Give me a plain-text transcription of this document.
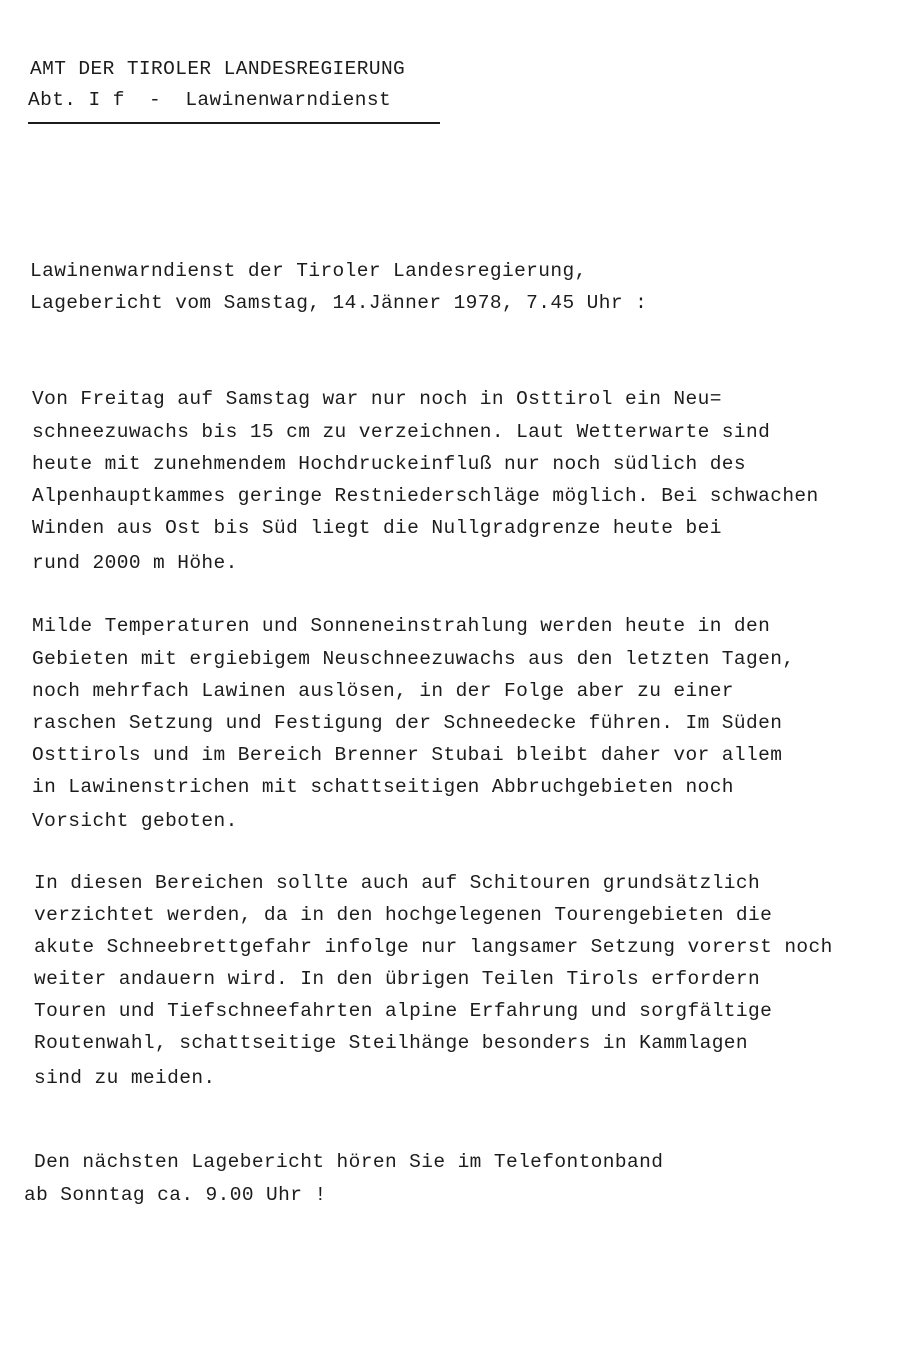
AMT DER TIROLER LANDESREGIERUNG
Abt. I f  -  Lawinenwarndienst
Lawinenwarndienst der Tiroler Landesregierung,
Lagebericht vom Samstag, 14.Jänner 1978, 7.45 Uhr :
Von Freitag auf Samstag war nur noch in Osttirol ein Neu=
schneezuwachs bis 15 cm zu verzeichnen. Laut Wetterwarte sind
heute mit zunehmendem Hochdruckeinfluß nur noch südlich des
Alpenhauptkammes geringe Restniederschläge möglich. Bei schwachen
Winden aus Ost bis Süd liegt die Nullgradgrenze heute bei
rund 2000 m Höhe.
Milde Temperaturen und Sonneneinstrahlung werden heute in den
Gebieten mit ergiebigem Neuschneezuwachs aus den letzten Tagen,
noch mehrfach Lawinen auslösen, in der Folge aber zu einer
raschen Setzung und Festigung der Schneedecke führen. Im Süden
Osttirols und im Bereich Brenner Stubai bleibt daher vor allem
in Lawinenstrichen mit schattseitigen Abbruchgebieten noch
Vorsicht geboten.
In diesen Bereichen sollte auch auf Schitouren grundsätzlich
verzichtet werden, da in den hochgelegenen Tourengebieten die
akute Schneebrettgefahr infolge nur langsamer Setzung vorerst noch
weiter andauern wird. In den übrigen Teilen Tirols erfordern
Touren und Tiefschneefahrten alpine Erfahrung und sorgfältige
Routenwahl, schattseitige Steilhänge besonders in Kammlagen
sind zu meiden.
Den nächsten Lagebericht hören Sie im Telefontonband
ab Sonntag ca. 9.00 Uhr !
